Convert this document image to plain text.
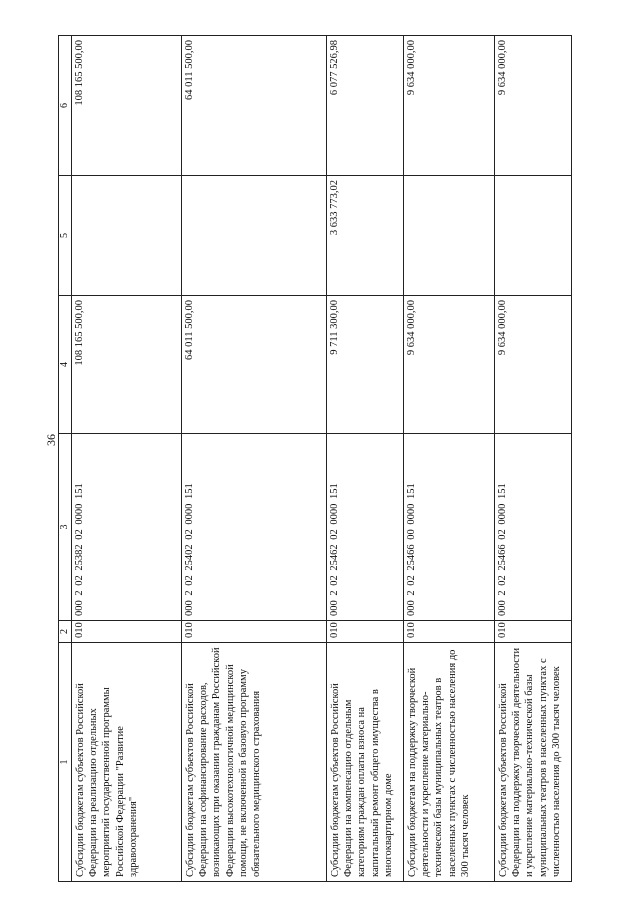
36
1	2	3	4	5	6
Субсидии бюджетам субъектов Российской Федерации на реализацию отдельных мероприятий государственной программы Российской Федерации "Развитие здравоохранения"	010	000 2 02 25382 02 0000 151	108 165 500,00		108 165 500,00
Субсидии бюджетам субъектов Российской Федерации на софинансирование расходов, возникающих при оказании гражданам Российской Федерации высокотехнологичной медицинской помощи, не включенной в базовую программу обязательного медицинского страхования	010	000 2 02 25402 02 0000 151	64 011 500,00		64 011 500,00
Субсидии бюджетам субъектов Российской Федерации на компенсацию отдельным категориям граждан оплаты взноса на капитальный ремонт общего имущества в многоквартирном доме	010	000 2 02 25462 02 0000 151	9 711 300,00	3 633 773,02	6 077 526,98
Субсидии бюджетам на поддержку творческой деятельности и укрепление материально-технической базы муниципальных театров в населенных пунктах с численностью населения до 300 тысяч человек	010	000 2 02 25466 00 0000 151	9 634 000,00		9 634 000,00
Субсидии бюджетам субъектов Российской Федерации на поддержку творческой деятельности и укрепление материально-технической базы муниципальных театров в населенных пунктах с численностью населения до 300 тысяч человек	010	000 2 02 25466 02 0000 151	9 634 000,00		9 634 000,00
